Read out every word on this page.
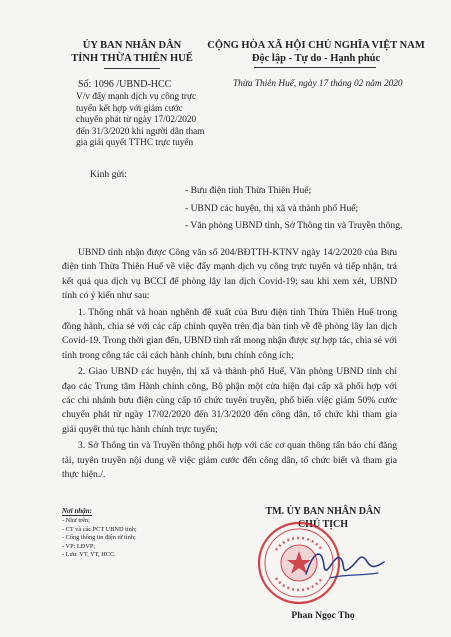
ỦY BAN NHÂN DÂN
TỈNH THỪA THIÊN HUẾ
CỘNG HÒA XÃ HỘI CHỦ NGHĨA VIỆT NAM
Độc lập - Tự do - Hạnh phúc
Số: 1096 /UBND-HCC	Thừa Thiên Huế, ngày 17 tháng 02 năm 2020
V/v đẩy mạnh dịch vụ công trực
tuyến kết hợp với giảm cước
chuyển phát từ ngày 17/02/2020
đến 31/3/2020 khi người dân tham
gia giải quyết TTHC trực tuyến
Kính gửi:
- Bưu điện tỉnh Thừa Thiên Huế;
- UBND các huyện, thị xã và thành phố Huế;
- Văn phòng UBND tỉnh, Sở Thông tin và Truyền thông.

UBND tỉnh nhận được Công văn số 204/BĐTTH-KTNV ngày 14/2/2020 của Bưu điện tỉnh Thừa Thiên Huế về việc đẩy mạnh dịch vụ công trực tuyến và tiếp nhận, trả kết quả qua dịch vụ BCCI để phòng lây lan dịch Covid-19; sau khi xem xét, UBND tỉnh có ý kiến như sau:

1. Thống nhất và hoan nghênh đề xuất của Bưu điện tỉnh Thừa Thiên Huế trong đồng hành, chia sẻ với các cấp chính quyền trên địa bàn tỉnh về đề phòng lây lan dịch Covid-19. Trong thời gian đến, UBND tỉnh rất mong nhận được sự hợp tác, chia sẻ với tỉnh trong công tác cải cách hành chính, bưu chính công ích;

2. Giao UBND các huyện, thị xã và thành phố Huế, Văn phòng UBND tỉnh chỉ đạo các Trung tâm Hành chính công, Bộ phận một cửa hiện đại cấp xã phối hợp với các chi nhánh bưu điện cùng cấp tổ chức tuyên truyền, phổ biến việc giảm 50% cước chuyển phát từ ngày 17/02/2020 đến 31/3/2020 đến công dân, tổ chức khi tham gia giải quyết thủ tục hành chính trực tuyến;

3. Sở Thông tin và Truyền thông phối hợp với các cơ quan thông tấn báo chí đăng tải, tuyên truyền nội dung về việc giảm cước đến công dân, tổ chức biết và tham gia thực hiện./.

Nơi nhận:
- Như trên;
- CT và các PCT UBND tỉnh;
- Cổng thông tin điện tử tỉnh;
- VP: LĐVP;
- Lưu: VT, YT, HCC.
TM. ỦY BAN NHÂN DÂN
CHỦ TỊCH
Phan Ngọc Thọ
